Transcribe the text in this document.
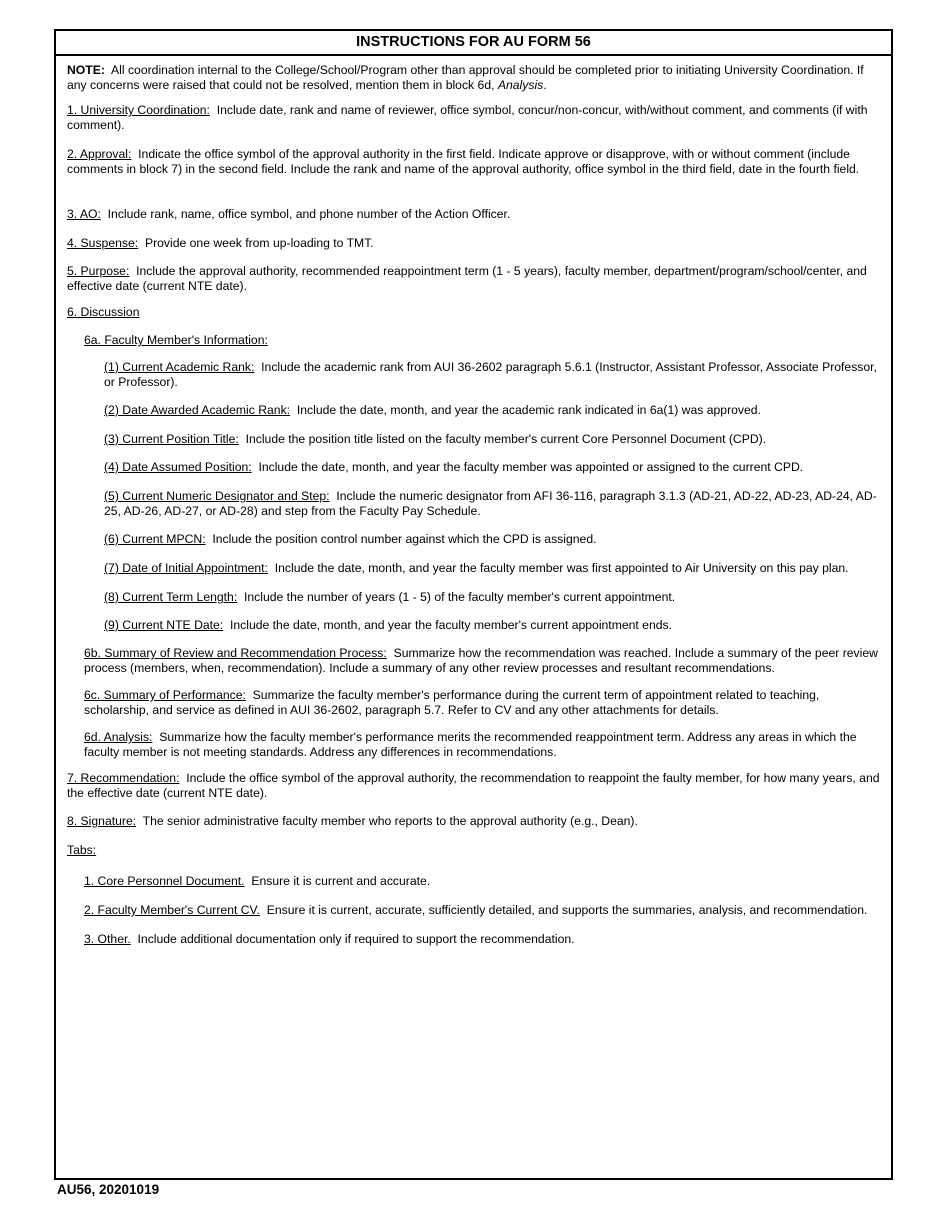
INSTRUCTIONS FOR AU FORM 56

NOTE: All coordination internal to the College/School/Program other than approval should be completed prior to initiating University Coordination. If any concerns were raised that could not be resolved, mention them in block 6d, Analysis.

1. University Coordination: Include date, rank and name of reviewer, office symbol, concur/non-concur, with/without comment, and comments (if with comment).

2. Approval: Indicate the office symbol of the approval authority in the first field. Indicate approve or disapprove, with or without comment (include comments in block 7) in the second field. Include the rank and name of the approval authority, office symbol in the third field, date in the fourth field.

3. AO: Include rank, name, office symbol, and phone number of the Action Officer.

4. Suspense: Provide one week from up-loading to TMT.

5. Purpose: Include the approval authority, recommended reappointment term (1 - 5 years), faculty member, department/program/school/center, and effective date (current NTE date).

6. Discussion

6a. Faculty Member's Information:

(1) Current Academic Rank: Include the academic rank from AUI 36-2602 paragraph 5.6.1 (Instructor, Assistant Professor, Associate Professor, or Professor).

(2) Date Awarded Academic Rank: Include the date, month, and year the academic rank indicated in 6a(1) was approved.

(3) Current Position Title: Include the position title listed on the faculty member's current Core Personnel Document (CPD).

(4) Date Assumed Position: Include the date, month, and year the faculty member was appointed or assigned to the current CPD.

(5) Current Numeric Designator and Step: Include the numeric designator from AFI 36-116, paragraph 3.1.3 (AD-21, AD-22, AD-23, AD-24, AD-25, AD-26, AD-27, or AD-28) and step from the Faculty Pay Schedule.

(6) Current MPCN: Include the position control number against which the CPD is assigned.

(7) Date of Initial Appointment: Include the date, month, and year the faculty member was first appointed to Air University on this pay plan.

(8) Current Term Length: Include the number of years (1 - 5) of the faculty member's current appointment.

(9) Current NTE Date: Include the date, month, and year the faculty member's current appointment ends.

6b. Summary of Review and Recommendation Process: Summarize how the recommendation was reached. Include a summary of the peer review process (members, when, recommendation). Include a summary of any other review processes and resultant recommendations.

6c. Summary of Performance: Summarize the faculty member's performance during the current term of appointment related to teaching, scholarship, and service as defined in AUI 36-2602, paragraph 5.7. Refer to CV and any other attachments for details.

6d. Analysis: Summarize how the faculty member's performance merits the recommended reappointment term. Address any areas in which the faculty member is not meeting standards. Address any differences in recommendations.

7. Recommendation: Include the office symbol of the approval authority, the recommendation to reappoint the faulty member, for how many years, and the effective date (current NTE date).

8. Signature: The senior administrative faculty member who reports to the approval authority (e.g., Dean).

Tabs:

1. Core Personnel Document. Ensure it is current and accurate.

2. Faculty Member's Current CV. Ensure it is current, accurate, sufficiently detailed, and supports the summaries, analysis, and recommendation.

3. Other. Include additional documentation only if required to support the recommendation.

AU56, 20201019
